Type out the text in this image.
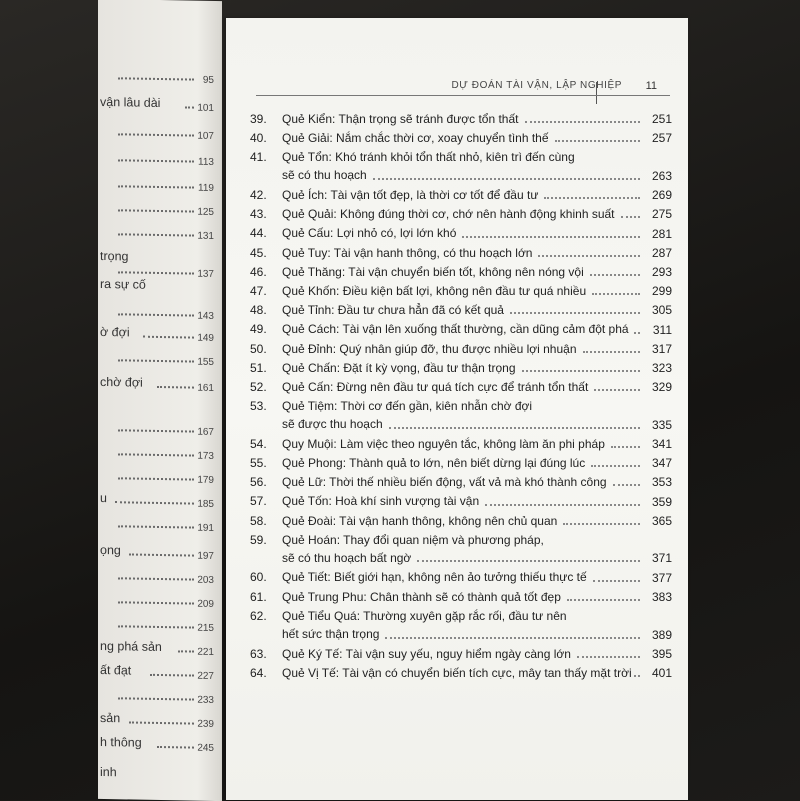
95
vận lâu dài	101
107
113
119
125
131
trọng
137
ra sự cố
143
ờ đợi	149
155
chờ đợi	161
167
173
179
u	185
191
ọng	197
203
209
215
ng phá sản	221
ất đạt	227
233
sản	239
h thông	245
inh
DỰ ĐOÁN TÀI VẬN, LẬP NGHIỆP 11
39.	Quẻ Kiển: Thận trọng sẽ tránh được tổn thất	251
40.	Quẻ Giải: Nắm chắc thời cơ, xoay chuyển tình thế	257
41.	Quẻ Tổn: Khó tránh khỏi tổn thất nhỏ, kiên trì đến cùng
sẽ có thu hoạch	263
42.	Quẻ Ích: Tài vận tốt đẹp, là thời cơ tốt để đầu tư	269
43.	Quẻ Quải: Không đúng thời cơ, chớ nên hành động khinh suất	275
44.	Quẻ Cấu: Lợi nhỏ có, lợi lớn khó	281
45.	Quẻ Tuy: Tài vận hanh thông, có thu hoạch lớn	287
46.	Quẻ Thăng: Tài vận chuyển biến tốt, không nên nóng vội	293
47.	Quẻ Khốn: Điều kiện bất lợi, không nên đầu tư quá nhiều	299
48.	Quẻ Tỉnh: Đầu tư chưa hẳn đã có kết quả	305
49.	Quẻ Cách: Tài vận lên xuống thất thường, cần dũng cảm đột phá	311
50.	Quẻ Đỉnh: Quý nhân giúp đỡ, thu được nhiều lợi nhuận	317
51.	Quẻ Chấn: Đặt ít kỳ vọng, đầu tư thận trọng	323
52.	Quẻ Cấn: Đừng nên đầu tư quá tích cực để tránh tổn thất	329
53.	Quẻ Tiệm: Thời cơ đến gần, kiên nhẫn chờ đợi
sẽ được thu hoạch	335
54.	Quy Muội: Làm việc theo nguyên tắc, không làm ăn phi pháp	341
55.	Quẻ Phong: Thành quả to lớn, nên biết dừng lại đúng lúc	347
56.	Quẻ Lữ: Thời thế nhiều biến động, vất vả mà khó thành công	353
57.	Quẻ Tốn: Hoà khí sinh vượng tài vận	359
58.	Quẻ Đoài: Tài vận hanh thông, không nên chủ quan	365
59.	Quẻ Hoán: Thay đổi quan niệm và phương pháp,
sẽ có thu hoạch bất ngờ	371
60.	Quẻ Tiết: Biết giới hạn, không nên ảo tưởng thiếu thực tế	377
61.	Quẻ Trung Phu: Chân thành sẽ có thành quả tốt đẹp	383
62.	Quẻ Tiểu Quá: Thường xuyên gặp rắc rối, đầu tư nên
hết sức thận trọng	389
63.	Quẻ Ký Tế: Tài vận suy yếu, nguy hiểm ngày càng lớn	395
64.	Quẻ Vị Tế: Tài vận có chuyển biến tích cực, mây tan thấy mặt trời	401
